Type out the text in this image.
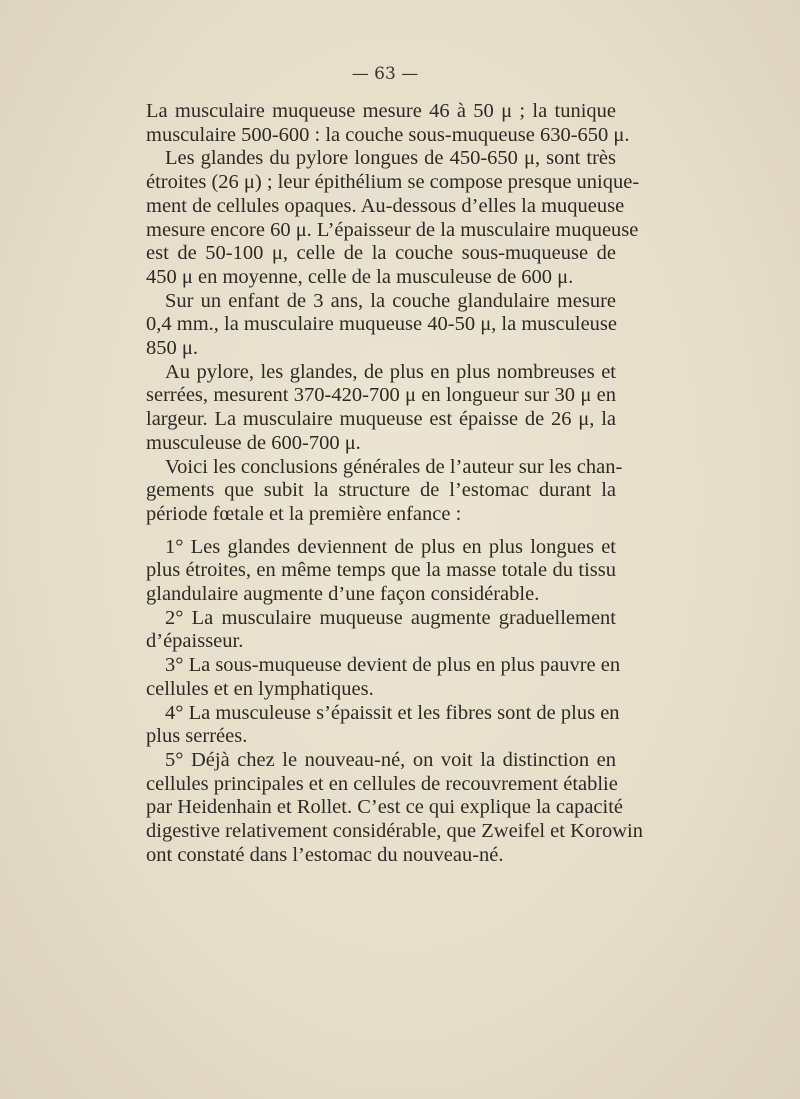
— 63 —
La musculaire muqueuse mesure 46 à 50 μ ; la tunique
musculaire 500-600 : la couche sous-muqueuse 630-650 μ.
Les glandes du pylore longues de 450-650 μ, sont très
étroites (26 μ) ; leur épithélium se compose presque unique-
ment de cellules opaques. Au-dessous d’elles la muqueuse
mesure encore 60 μ. L’épaisseur de la musculaire muqueuse
est de 50-100 μ, celle de la couche sous-muqueuse de
450 μ en moyenne, celle de la musculeuse de 600 μ.
Sur un enfant de 3 ans, la couche glandulaire mesure
0,4 mm., la musculaire muqueuse 40-50 μ, la musculeuse
850 μ.
Au pylore, les glandes, de plus en plus nombreuses et
serrées, mesurent 370-420-700 μ en longueur sur 30 μ en
largeur. La musculaire muqueuse est épaisse de 26 μ, la
musculeuse de 600-700 μ.
Voici les conclusions générales de l’auteur sur les chan-
gements que subit la structure de l’estomac durant la
période fœtale et la première enfance :
1° Les glandes deviennent de plus en plus longues et
plus étroites, en même temps que la masse totale du tissu
glandulaire augmente d’une façon considérable.
2° La musculaire muqueuse augmente graduellement
d’épaisseur.
3° La sous-muqueuse devient de plus en plus pauvre en
cellules et en lymphatiques.
4° La musculeuse s’épaissit et les fibres sont de plus en
plus serrées.
5° Déjà chez le nouveau-né, on voit la distinction en
cellules principales et en cellules de recouvrement établie
par Heidenhain et Rollet. C’est ce qui explique la capacité
digestive relativement considérable, que Zweifel et Korowin
ont constaté dans l’estomac du nouveau-né.
